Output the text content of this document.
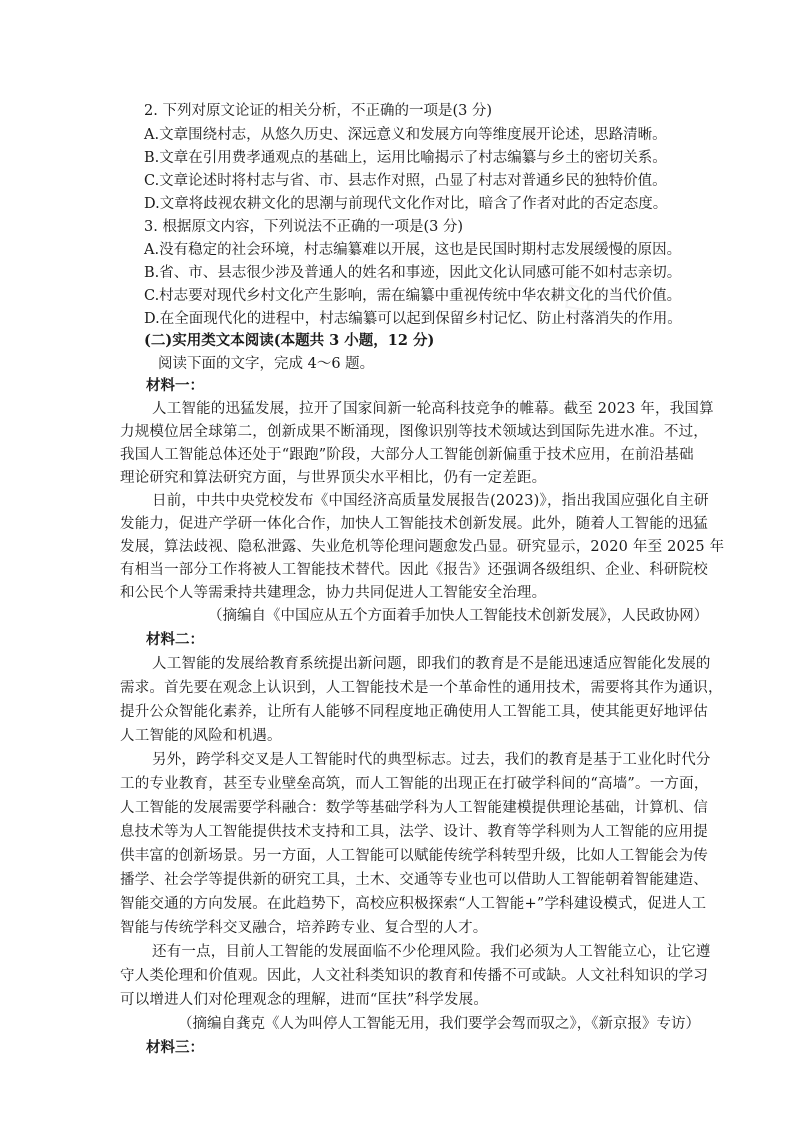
2. 下列对原文论证的相关分析，不正确的一项是(3 分)
A.文章围绕村志，从悠久历史、深远意义和发展方向等维度展开论述，思路清晰。
B.文章在引用费孝通观点的基础上，运用比喻揭示了村志编纂与乡土的密切关系。
C.文章论述时将村志与省、市、县志作对照，凸显了村志对普通乡民的独特价值。
D.文章将歧视农耕文化的思潮与前现代文化作对比，暗含了作者对此的否定态度。
3. 根据原文内容，下列说法不正确的一项是(3 分)
A.没有稳定的社会环境，村志编纂难以开展，这也是民国时期村志发展缓慢的原因。
B.省、市、县志很少涉及普通人的姓名和事迹，因此文化认同感可能不如村志亲切。
C.村志要对现代乡村文化产生影响，需在编纂中重视传统中华农耕文化的当代价值。
D.在全面现代化的进程中，村志编纂可以起到保留乡村记忆、防止村落消失的作用。
(二)实用类文本阅读(本题共 3 小题，12 分)
阅读下面的文字，完成 4～6 题。
材料一：
人工智能的迅猛发展，拉开了国家间新一轮高科技竞争的帷幕。截至 2023 年，我国算
力规模位居全球第二，创新成果不断涌现，图像识别等技术领域达到国际先进水准。不过，
我国人工智能总体还处于“跟跑”阶段，大部分人工智能创新偏重于技术应用，在前沿基础
理论研究和算法研究方面，与世界顶尖水平相比，仍有一定差距。
日前，中共中央党校发布《中国经济高质量发展报告(2023)》，指出我国应强化自主研
发能力，促进产学研一体化合作，加快人工智能技术创新发展。此外，随着人工智能的迅猛
发展，算法歧视、隐私泄露、失业危机等伦理问题愈发凸显。研究显示，2020 年至 2025 年
有相当一部分工作将被人工智能技术替代。因此《报告》还强调各级组织、企业、科研院校
和公民个人等需秉持共建理念，协力共同促进人工智能安全治理。
（摘编自《中国应从五个方面着手加快人工智能技术创新发展》，人民政协网）
材料二：
人工智能的发展给教育系统提出新问题，即我们的教育是不是能迅速适应智能化发展的
需求。首先要在观念上认识到，人工智能技术是一个革命性的通用技术，需要将其作为通识，
提升公众智能化素养，让所有人能够不同程度地正确使用人工智能工具，使其能更好地评估
人工智能的风险和机遇。
另外，跨学科交叉是人工智能时代的典型标志。过去，我们的教育是基于工业化时代分
工的专业教育，甚至专业壁垒高筑，而人工智能的出现正在打破学科间的“高墙”。一方面，
人工智能的发展需要学科融合：数学等基础学科为人工智能建模提供理论基础，计算机、信
息技术等为人工智能提供技术支持和工具，法学、设计、教育等学科则为人工智能的应用提
供丰富的创新场景。另一方面，人工智能可以赋能传统学科转型升级，比如人工智能会为传
播学、社会学等提供新的研究工具，土木、交通等专业也可以借助人工智能朝着智能建造、
智能交通的方向发展。在此趋势下，高校应积极探索“人工智能+”学科建设模式，促进人工
智能与传统学科交叉融合，培养跨专业、复合型的人才。
还有一点，目前人工智能的发展面临不少伦理风险。我们必须为人工智能立心，让它遵
守人类伦理和价值观。因此，人文社科类知识的教育和传播不可或缺。人文社科知识的学习
可以增进人们对伦理观念的理解，进而“匡扶”科学发展。
（摘编自龚克《人为叫停人工智能无用，我们要学会驾而驭之》，《新京报》专访）
材料三：
